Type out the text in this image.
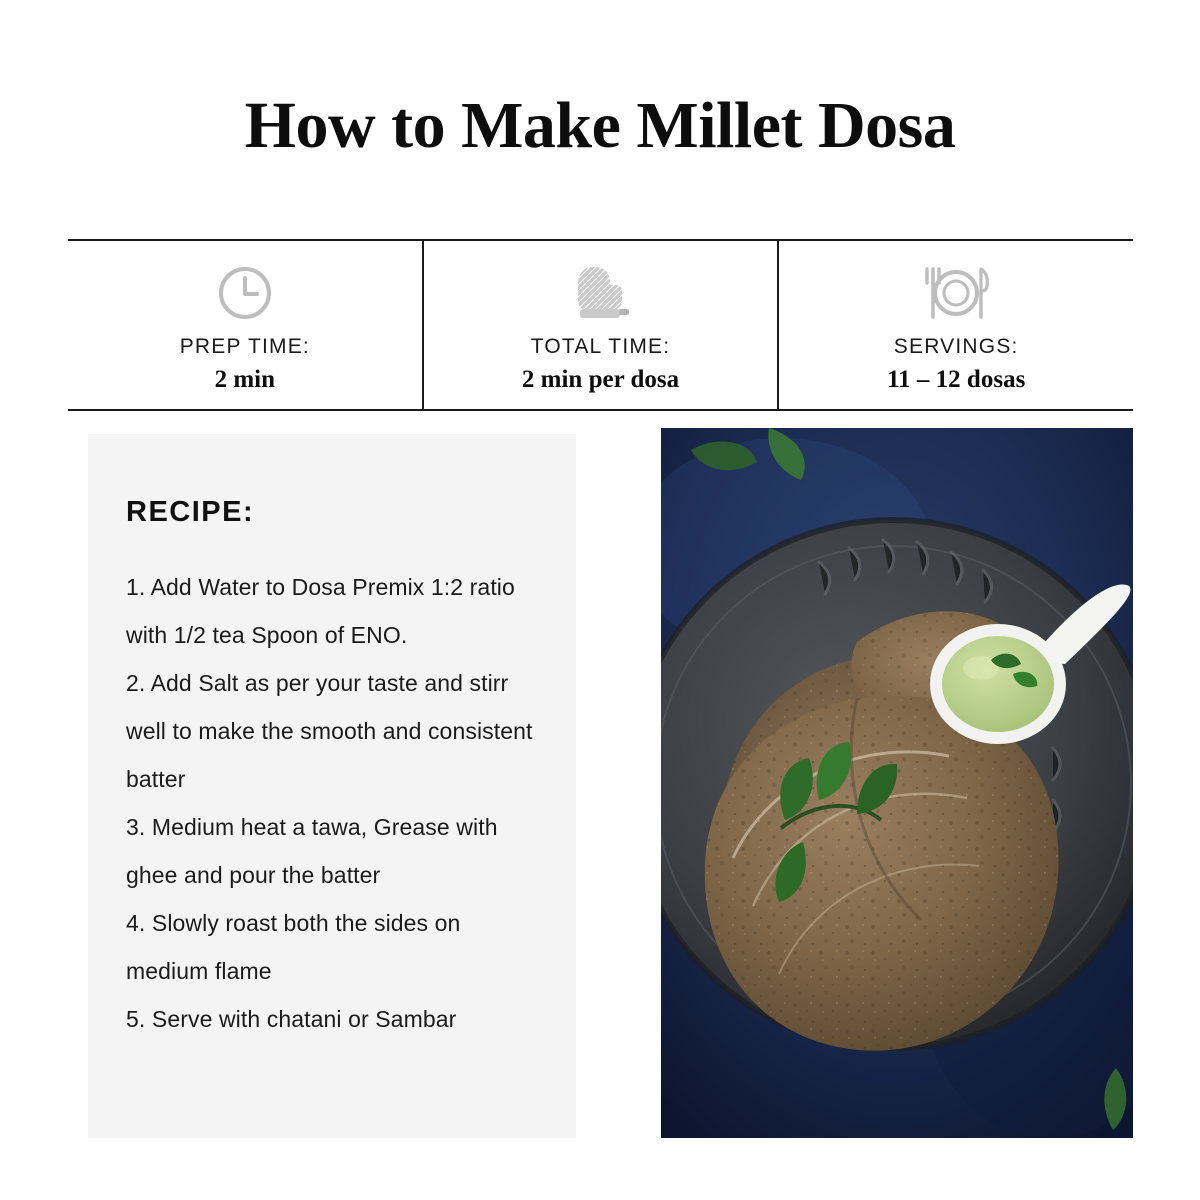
How to Make Millet Dosa
PREP TIME:
2 min
TOTAL TIME:
2 min per dosa
SERVINGS:
11 – 12 dosas
RECIPE:
1. Add Water to Dosa Premix 1:2 ratio with 1/2 tea Spoon of ENO.
2. Add Salt as per your taste and stirr well to make the smooth and consistent batter
3. Medium heat a tawa, Grease with ghee and pour the batter
4. Slowly roast both the sides on medium flame
5. Serve with chatani or Sambar
